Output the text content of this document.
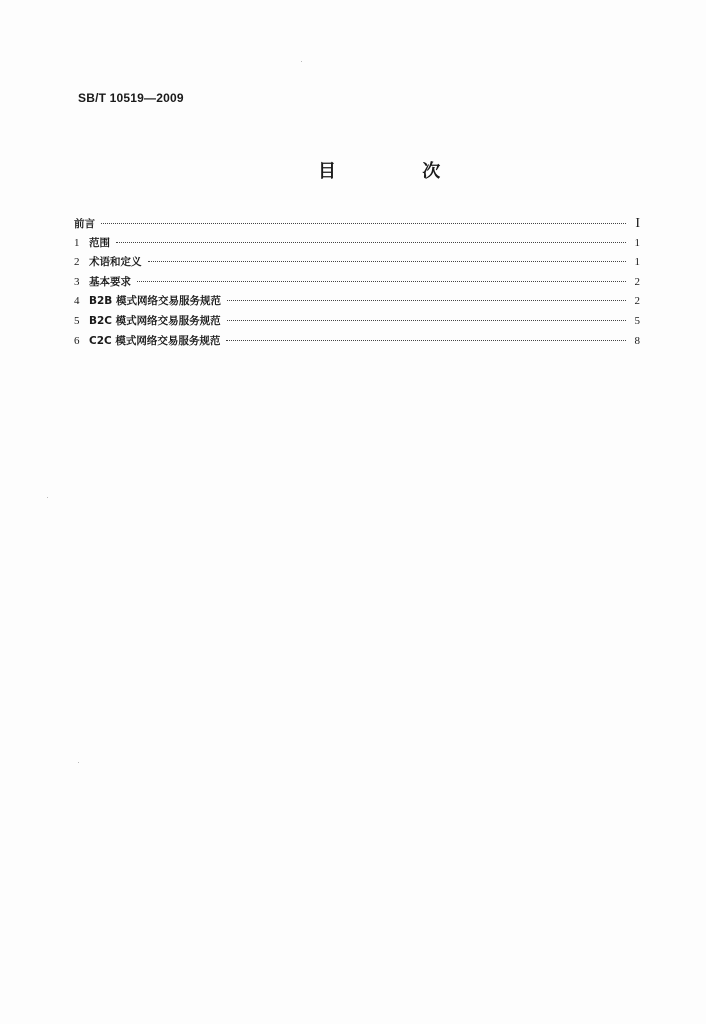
SB/T 10519—2009
目 次
前言	I
1 范围	1
2 术语和定义	1
3 基本要求	2
4 B2B 模式网络交易服务规范	2
5 B2C 模式网络交易服务规范	5
6 C2C 模式网络交易服务规范	8
